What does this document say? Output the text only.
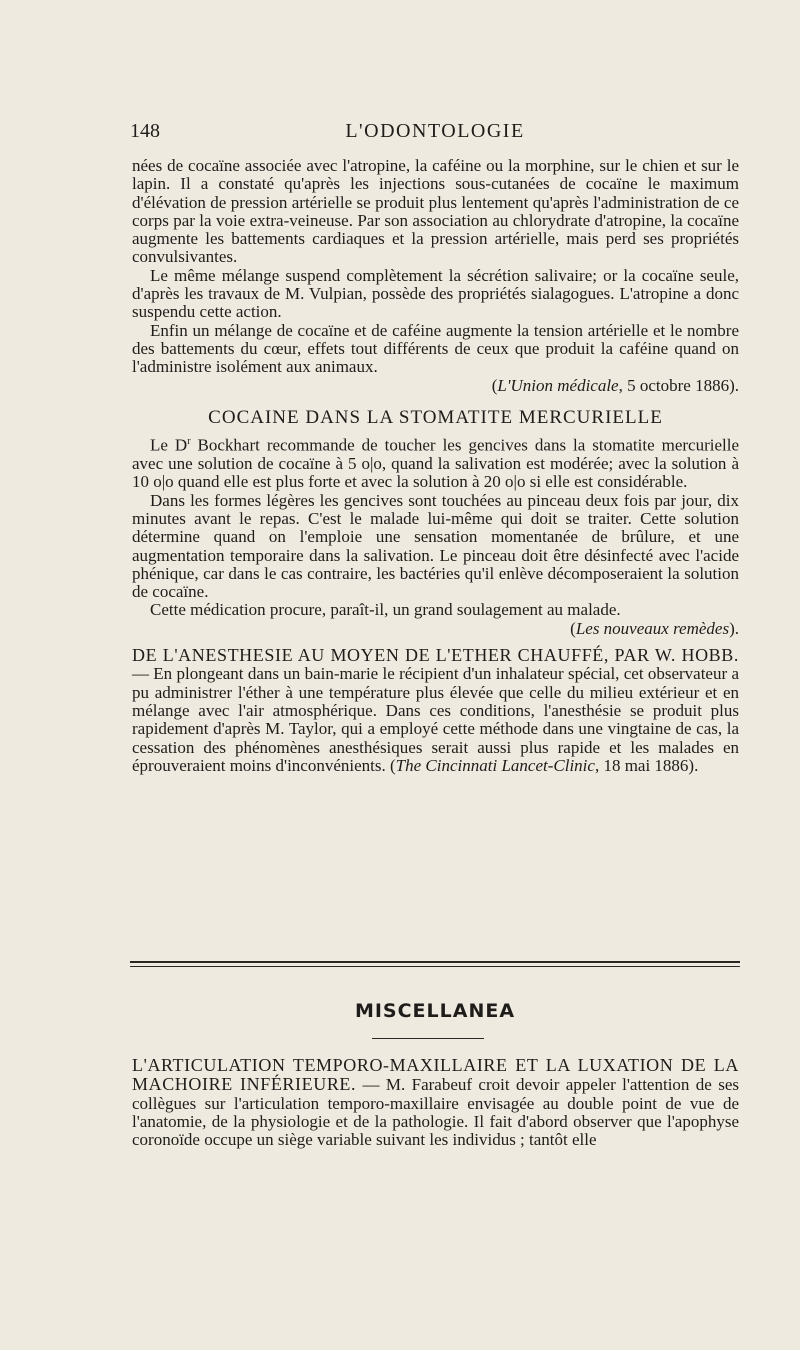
148	L'ODONTOLOGIE

nées de cocaïne associée avec l'atropine, la caféine ou la morphine, sur le chien et sur le lapin. Il a constaté qu'après les injections sous-cutanées de cocaïne le maximum d'élévation de pression artérielle se produit plus lentement qu'après l'administration de ce corps par la voie extra-veineuse. Par son association au chlorydrate d'atropine, la cocaïne augmente les battements cardiaques et la pression artérielle, mais perd ses propriétés convulsivantes.

Le même mélange suspend complètement la sécrétion salivaire; or la cocaïne seule, d'après les travaux de M. Vulpian, possède des propriétés sialagogues. L'atropine a donc suspendu cette action.

Enfin un mélange de cocaïne et de caféine augmente la tension artérielle et le nombre des battements du cœur, effets tout différents de ceux que produit la caféine quand on l'administre isolément aux animaux.

(L'Union médicale, 5 octobre 1886).

COCAINE DANS LA STOMATITE MERCURIELLE

Le $D^r$ Bockhart recommande de toucher les gencives dans la stomatite mercurielle avec une solution de cocaïne à 5 o|o, quand la salivation est modérée; avec la solution à 10 o|o quand elle est plus forte et avec la solution à 20 o|o si elle est considérable.

Dans les formes légères les gencives sont touchées au pinceau deux fois par jour, dix minutes avant le repas. C'est le malade lui-même qui doit se traiter. Cette solution détermine quand on l'emploie une sensation momentanée de brûlure, et une augmentation temporaire dans la salivation. Le pinceau doit être désinfecté avec l'acide phénique, car dans le cas contraire, les bactéries qu'il enlève décomposeraient la solution de cocaïne.

Cette médication procure, paraît-il, un grand soulagement au malade.

(Les nouveaux remèdes).

DE L'ANESTHESIE AU MOYEN DE L'ETHER CHAUFFÉ, PAR W. HOBB. — En plongeant dans un bain-marie le récipient d'un inhalateur spécial, cet observateur a pu administrer l'éther à une température plus élevée que celle du milieu extérieur et en mélange avec l'air atmosphérique. Dans ces conditions, l'anesthésie se produit plus rapidement d'après M. Taylor, qui a employé cette méthode dans une vingtaine de cas, la cessation des phénomènes anesthésiques serait aussi plus rapide et les malades en éprouveraient moins d'inconvénients. (The Cincinnati Lancet-Clinic, 18 mai 1886).

MISCELLANEA

L'ARTICULATION TEMPORO-MAXILLAIRE ET LA LUXATION DE LA MACHOIRE INFÉRIEURE. — M. Farabeuf croit devoir appeler l'attention de ses collègues sur l'articulation temporo-maxillaire envisagée au double point de vue de l'anatomie, de la physiologie et de la pathologie. Il fait d'abord observer que l'apophyse coronoïde occupe un siège variable suivant les individus ; tantôt elle
